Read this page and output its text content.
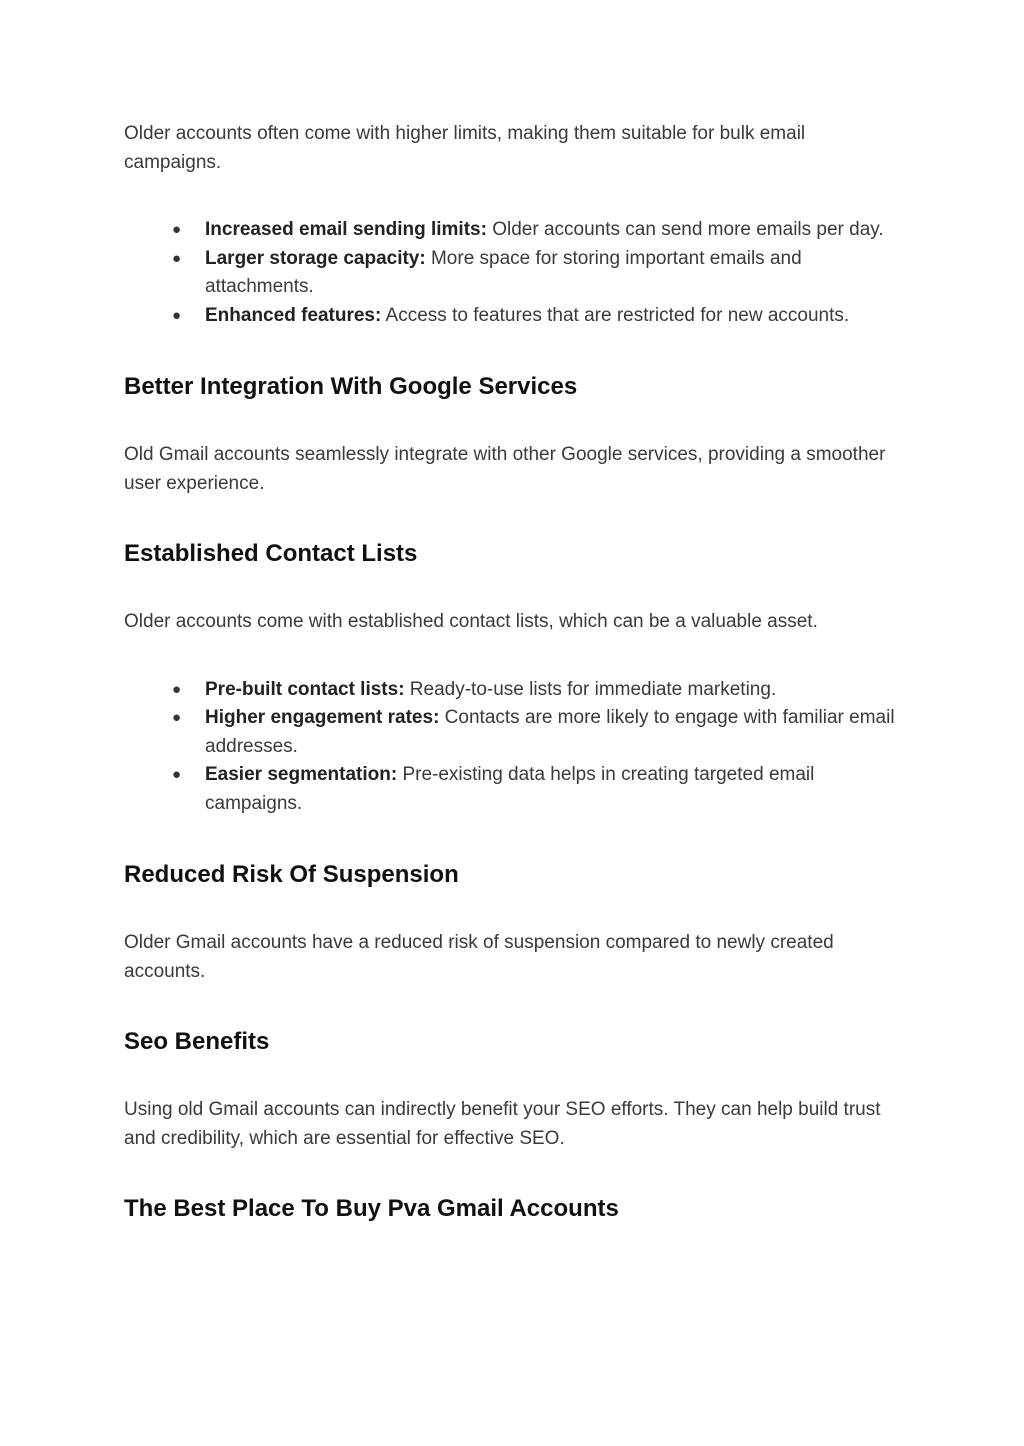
Older accounts often come with higher limits, making them suitable for bulk email campaigns.

● Increased email sending limits: Older accounts can send more emails per day.
● Larger storage capacity: More space for storing important emails and attachments.
● Enhanced features: Access to features that are restricted for new accounts.
Better Integration With Google Services

Old Gmail accounts seamlessly integrate with other Google services, providing a smoother user experience.

Established Contact Lists

Older accounts come with established contact lists, which can be a valuable asset.

● Pre-built contact lists: Ready-to-use lists for immediate marketing.
● Higher engagement rates: Contacts are more likely to engage with familiar email addresses.
● Easier segmentation: Pre-existing data helps in creating targeted email campaigns.
Reduced Risk Of Suspension

Older Gmail accounts have a reduced risk of suspension compared to newly created accounts.

Seo Benefits

Using old Gmail accounts can indirectly benefit your SEO efforts. They can help build trust and credibility, which are essential for effective SEO.

The Best Place To Buy Pva Gmail Accounts
